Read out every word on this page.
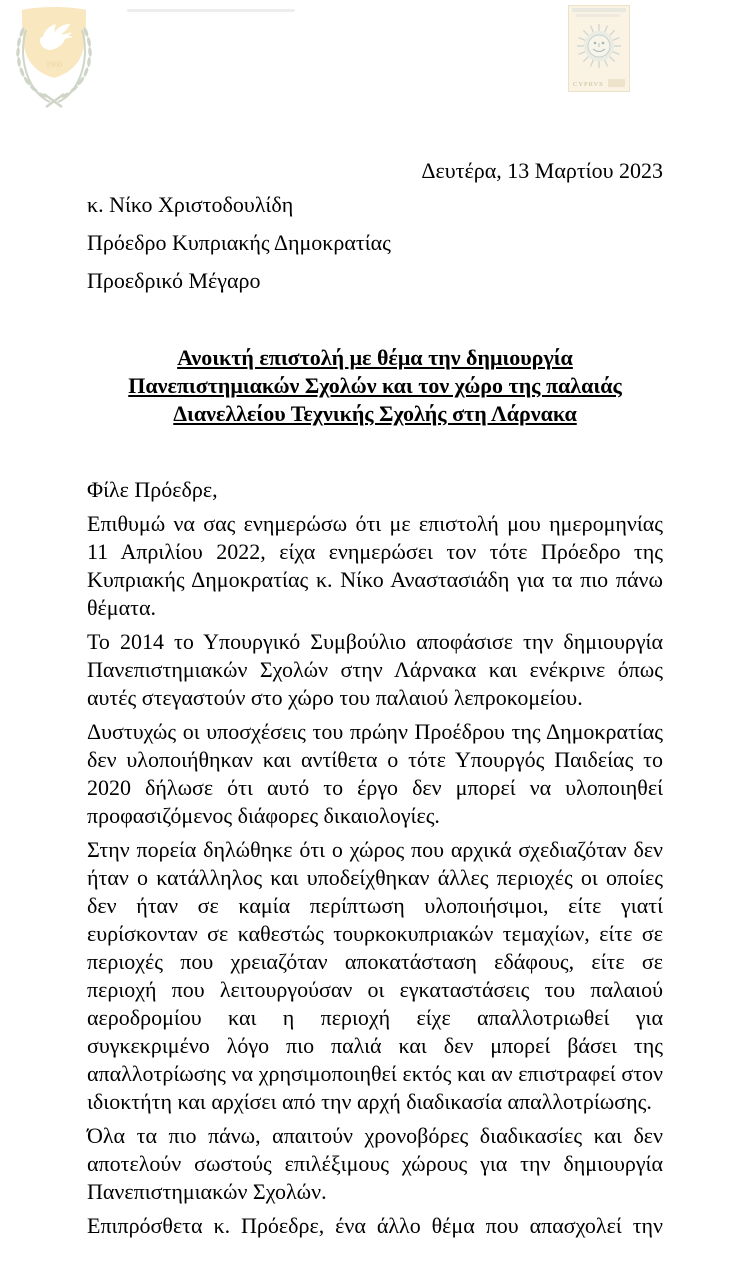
1960
CYPRVS
Δευτέρα, 13 Μαρτίου 2023
κ. Νίκο Χριστοδουλίδη
Πρόεδρο Κυπριακής Δημοκρατίας
Προεδρικό Μέγαρο
Ανοικτή επιστολή με θέμα την δημιουργία
Πανεπιστημιακών Σχολών και τον χώρο της παλαιάς
Διανελλείου Τεχνικής Σχολής στη Λάρνακα
Φίλε Πρόεδρε,

Επιθυμώ να σας ενημερώσω ότι με επιστολή μου ημερομηνίας 11 Απριλίου 2022, είχα ενημερώσει τον τότε Πρόεδρο της Κυπριακής Δημοκρατίας κ. Νίκο Αναστασιάδη για τα πιο πάνω θέματα.

Το 2014 το Υπουργικό Συμβούλιο αποφάσισε την δημιουργία Πανεπιστημιακών Σχολών στην Λάρνακα και ενέκρινε όπως αυτές στεγαστούν στο χώρο του παλαιού λεπροκομείου.

Δυστυχώς οι υποσχέσεις του πρώην Προέδρου της Δημοκρατίας δεν υλοποιήθηκαν και αντίθετα ο τότε Υπουργός Παιδείας το 2020 δήλωσε ότι αυτό το έργο δεν μπορεί να υλοποιηθεί προφασιζόμενος διάφορες δικαιολογίες.

Στην πορεία δηλώθηκε ότι ο χώρος που αρχικά σχεδιαζόταν δεν ήταν ο κατάλληλος και υποδείχθηκαν άλλες περιοχές οι οποίες δεν ήταν σε καμία περίπτωση υλοποιήσιμοι, είτε γιατί ευρίσκονταν σε καθεστώς τουρκοκυπριακών τεμαχίων, είτε σε περιοχές που χρειαζόταν αποκατάσταση εδάφους, είτε σε περιοχή που λειτουργούσαν οι εγκαταστάσεις του παλαιού αεροδρομίου και η περιοχή είχε απαλλοτριωθεί για συγκεκριμένο λόγο πιο παλιά και δεν μπορεί βάσει της απαλλοτρίωσης να χρησιμοποιηθεί εκτός και αν επιστραφεί στον ιδιοκτήτη και αρχίσει από την αρχή διαδικασία απαλλοτρίωσης.

Όλα τα πιο πάνω, απαιτούν χρονοβόρες διαδικασίες και δεν αποτελούν σωστούς επιλέξιμους χώρους για την δημιουργία Πανεπιστημιακών Σχολών.

Επιπρόσθετα κ. Πρόεδρε, ένα άλλο θέμα που απασχολεί την
